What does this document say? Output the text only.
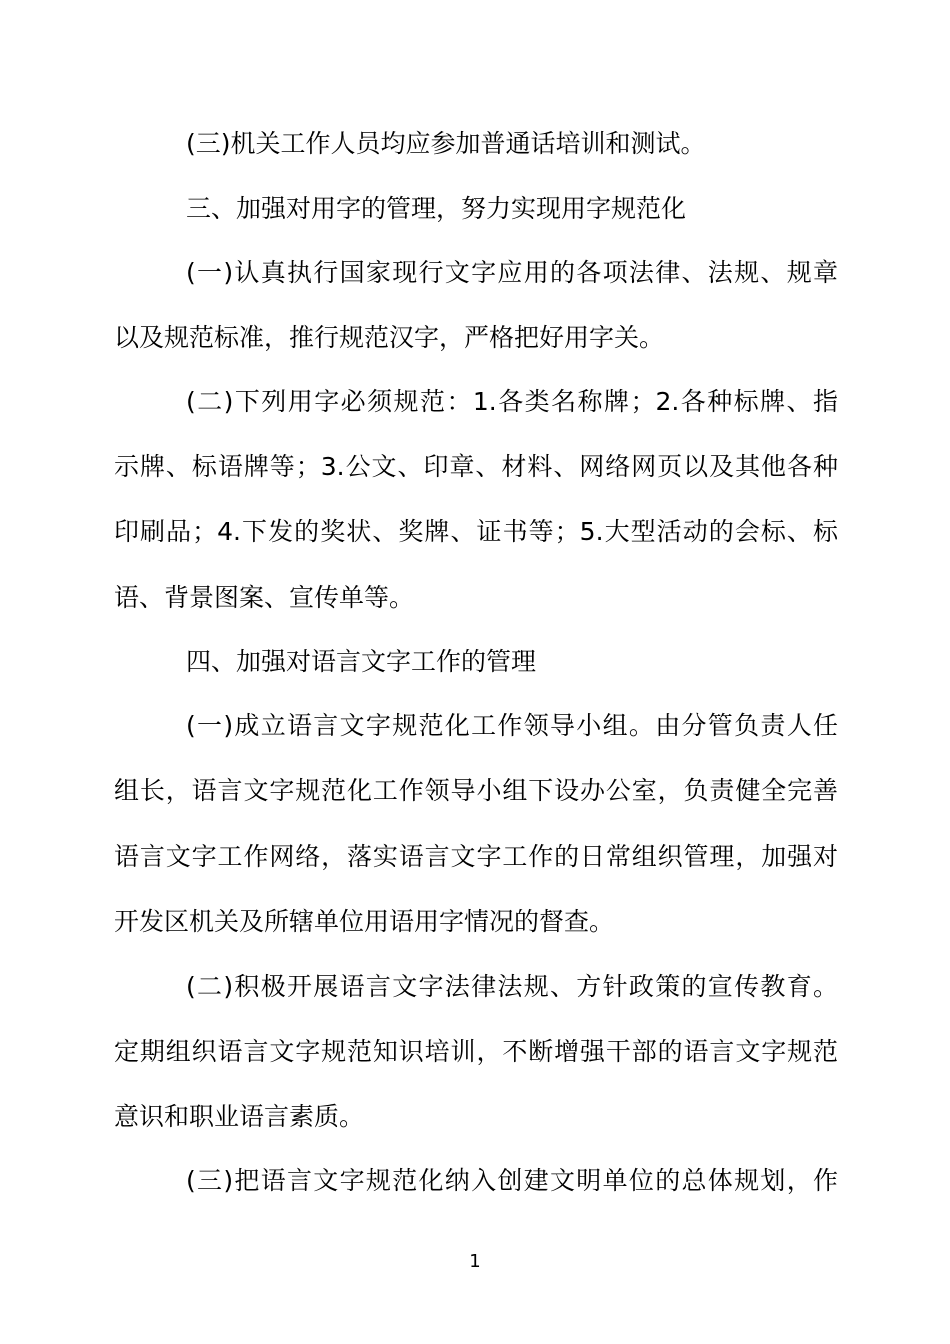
(三)机关工作人员均应参加普通话培训和测试。
三、加强对用字的管理，努力实现用字规范化
(一)认真执行国家现行文字应用的各项法律、法规、规章
以及规范标准，推行规范汉字，严格把好用字关。
(二)下列用字必须规范：1.各类名称牌；2.各种标牌、指
示牌、标语牌等；3.公文、印章、材料、网络网页以及其他各种
印刷品；4.下发的奖状、奖牌、证书等；5.大型活动的会标、标
语、背景图案、宣传单等。
四、加强对语言文字工作的管理
(一)成立语言文字规范化工作领导小组。由分管负责人任
组长，语言文字规范化工作领导小组下设办公室，负责健全完善
语言文字工作网络，落实语言文字工作的日常组织管理，加强对
开发区机关及所辖单位用语用字情况的督查。
(二)积极开展语言文字法律法规、方针政策的宣传教育。
定期组织语言文字规范知识培训，不断增强干部的语言文字规范
意识和职业语言素质。
(三)把语言文字规范化纳入创建文明单位的总体规划，作
1
